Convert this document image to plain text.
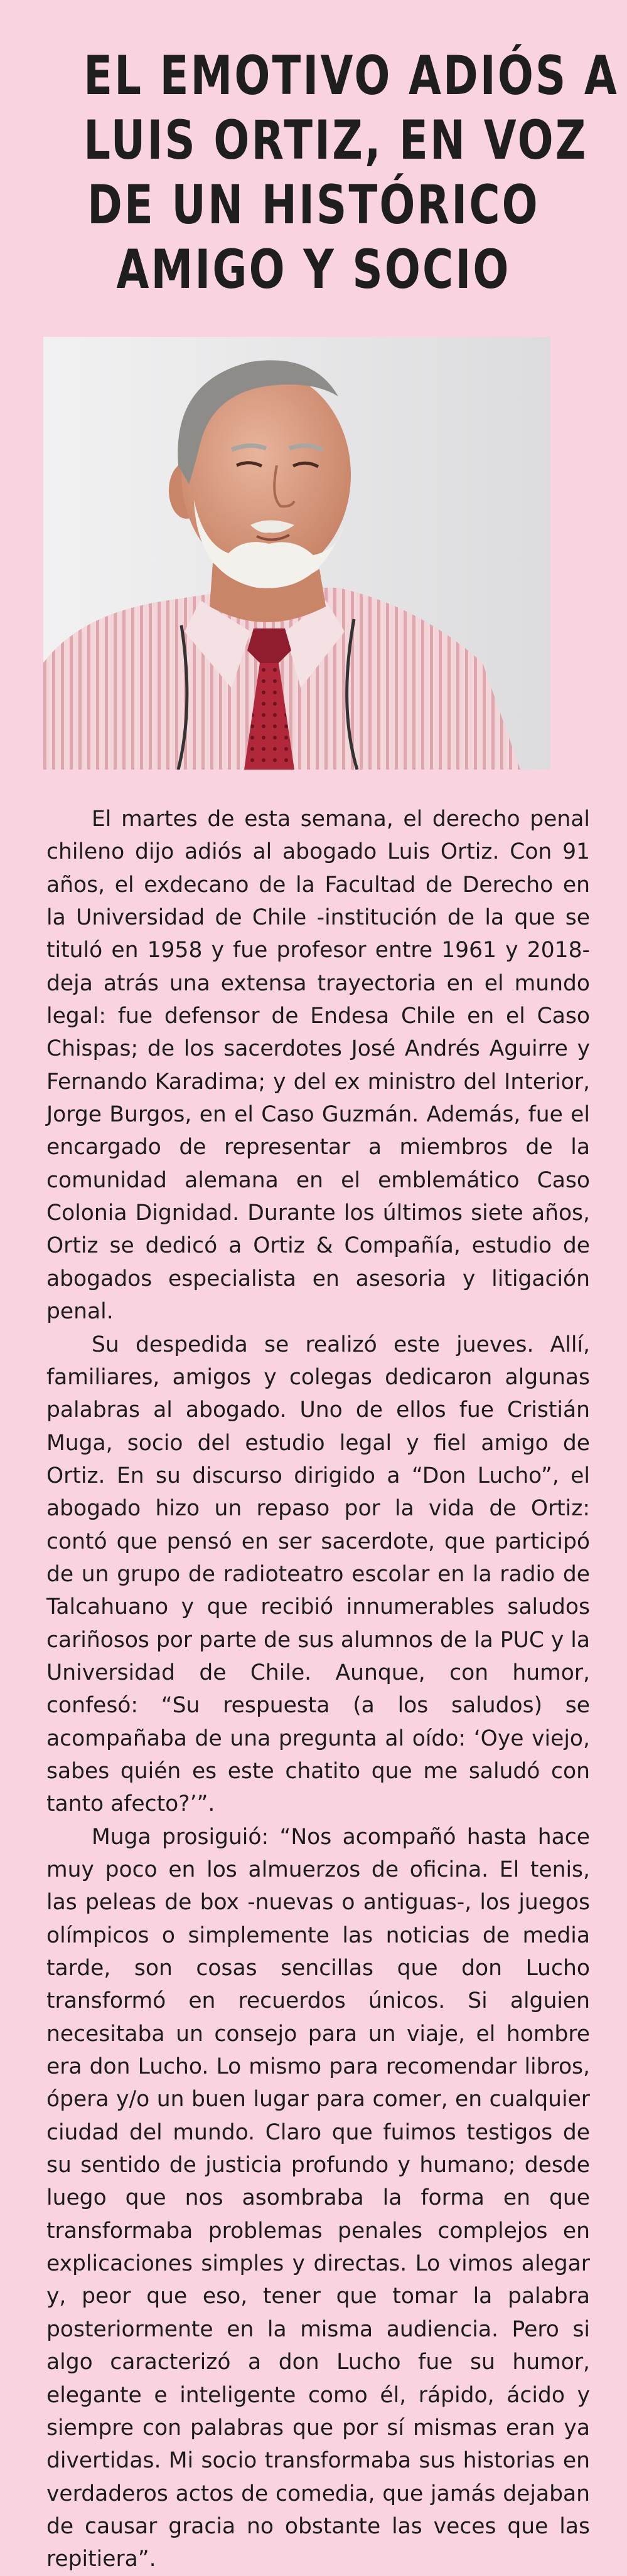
EL EMOTIVO ADIÓS A
LUIS ORTIZ, EN VOZ
DE UN HISTÓRICO
AMIGO Y SOCIO

El martes de esta semana, el derecho penal chileno dijo adiós al abogado Luis Ortiz. Con 91 años, el exdecano de la Facultad de Derecho en la Universidad de Chile -institución de la que se tituló en 1958 y fue profesor entre 1961 y 2018- deja atrás una extensa trayectoria en el mundo legal: fue defensor de Endesa Chile en el Caso Chispas; de los sacerdotes José Andrés Aguirre y Fernando Karadima; y del ex ministro del Interior, Jorge Burgos, en el Caso Guzmán. Además, fue el encargado de representar a miembros de la comunidad alemana en el emblemático Caso Colonia Dignidad. Durante los últimos siete años, Ortiz se dedicó a Ortiz & Compañía, estudio de abogados especialista en asesoria y litigación penal.

Su despedida se realizó este jueves. Allí, familiares, amigos y colegas dedicaron algunas palabras al abogado. Uno de ellos fue Cristián Muga, socio del estudio legal y fiel amigo de Ortiz. En su discurso dirigido a “Don Lucho”, el abogado hizo un repaso por la vida de Ortiz: contó que pensó en ser sacerdote, que participó de un grupo de radioteatro escolar en la radio de Talcahuano y que recibió innumerables saludos cariñosos por parte de sus alumnos de la PUC y la Universidad de Chile. Aunque, con humor, confesó: “Su respuesta (a los saludos) se acompañaba de una pregunta al oído: ‘Oye viejo, sabes quién es este chatito que me saludó con tanto afecto?’”.

Muga prosiguió: “Nos acompañó hasta hace muy poco en los almuerzos de oficina. El tenis, las peleas de box -nuevas o antiguas-, los juegos olímpicos o simplemente las noticias de media tarde, son cosas sencillas que don Lucho transformó en recuerdos únicos. Si alguien necesitaba un consejo para un viaje, el hombre era don Lucho. Lo mismo para recomendar libros, ópera y/o un buen lugar para comer, en cualquier ciudad del mundo. Claro que fuimos testigos de su sentido de justicia profundo y humano; desde luego que nos asombraba la forma en que transformaba problemas penales complejos en explicaciones simples y directas. Lo vimos alegar y, peor que eso, tener que tomar la palabra posteriormente en la misma audiencia. Pero si algo caracterizó a don Lucho fue su humor, elegante e inteligente como él, rápido, ácido y siempre con palabras que por sí mismas eran ya divertidas. Mi socio transformaba sus historias en verdaderos actos de comedia, que jamás dejaban de causar gracia no obstante las veces que las repitiera”.
